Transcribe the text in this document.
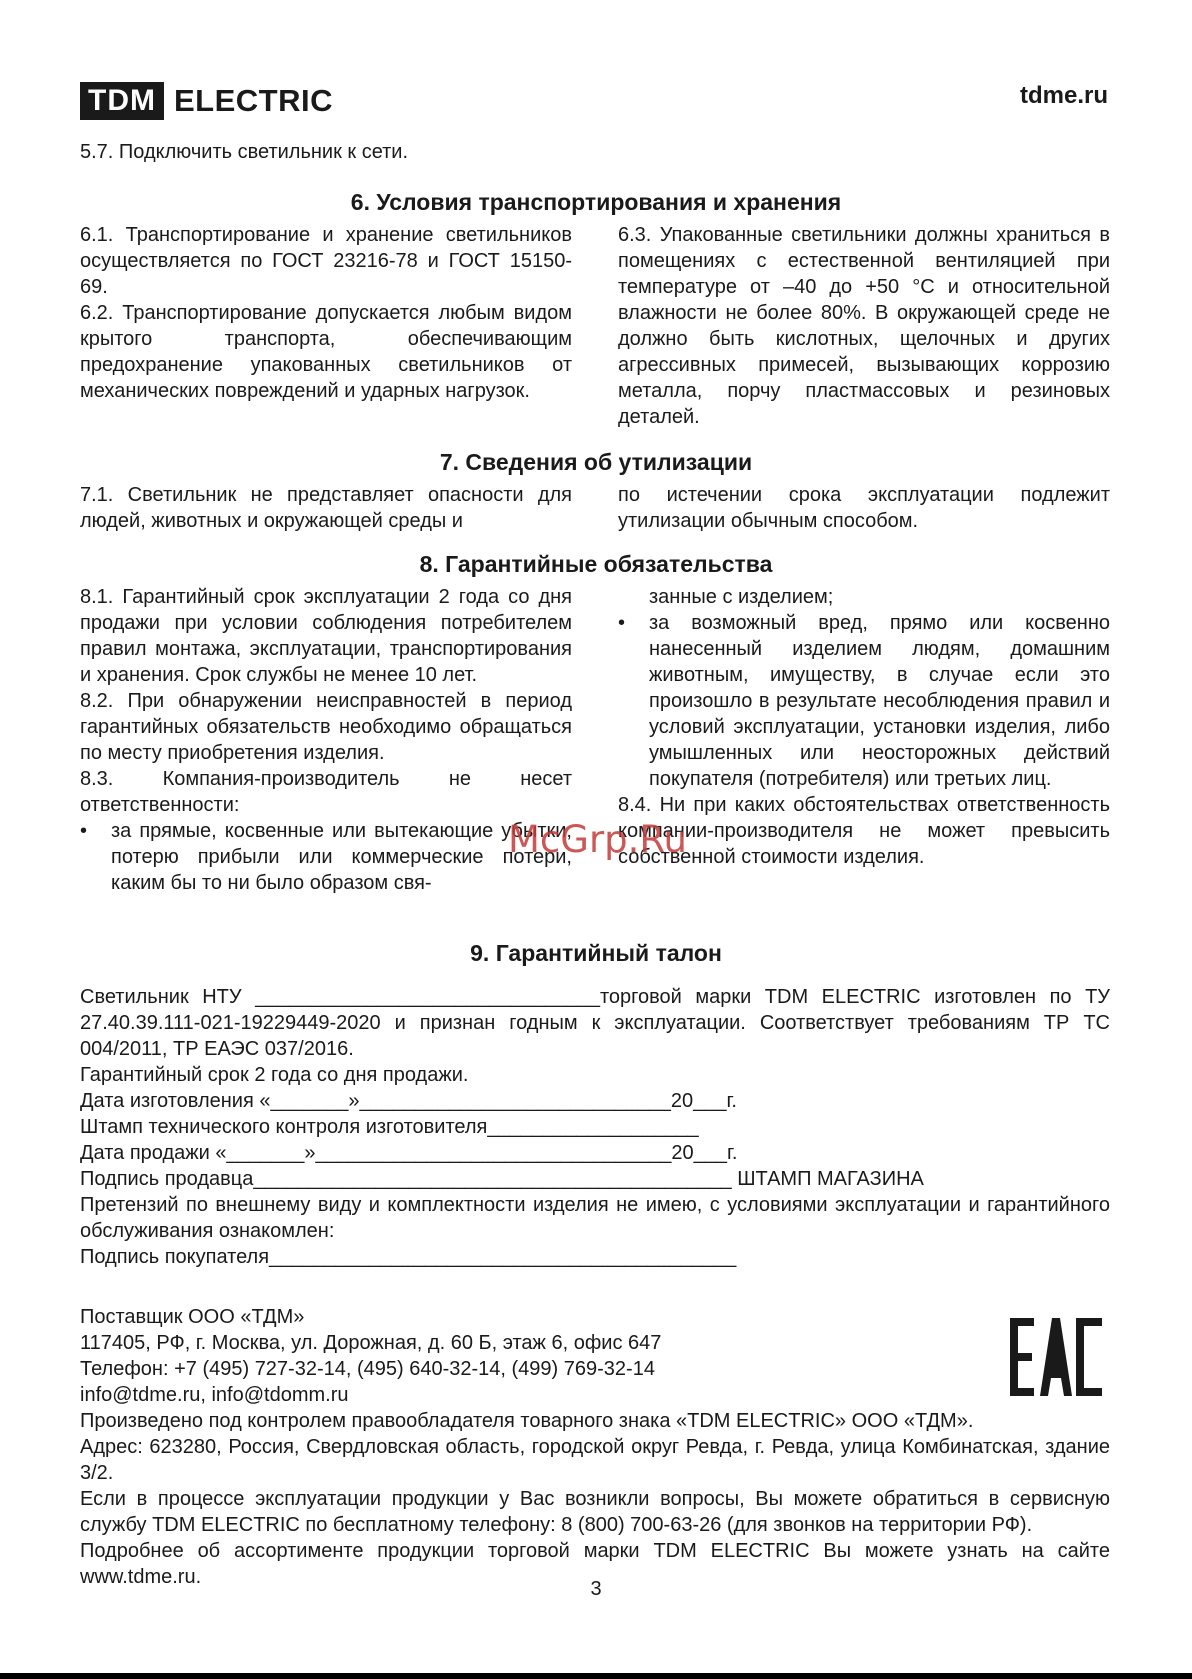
TDM ELECTRIC	tdme.ru
5.7. Подключить светильник к сети.
6. Условия транспортирования и хранения

6.1. Транспортирование и хранение светильников осуществляется по ГОСТ 23216-78 и ГОСТ 15150-69.

6.2. Транспортирование допускается любым видом крытого транспорта, обеспечивающим предохранение упакованных светильников от механических повреждений и ударных нагрузок.

6.3. Упакованные светильники должны храниться в помещениях с естественной вентиляцией при температуре от –40 до +50 °С и относительной влажности не более 80%. В окружающей среде не должно быть кислотных, щелочных и других агрессивных примесей, вызывающих коррозию металла, порчу пластмассовых и резиновых деталей.

7. Сведения об утилизации

7.1. Светильник не представляет опасности для людей, животных и окружающей среды и

по истечении срока эксплуатации подлежит утилизации обычным способом.

8. Гарантийные обязательства

8.1. Гарантийный срок эксплуатации 2 года со дня продажи при условии соблюдения потребителем правил монтажа, эксплуатации, транспортирования и хранения. Срок службы не менее 10 лет.

8.2. При обнаружении неисправностей в период гарантийных обязательств необходимо обращаться по месту приобретения изделия.

8.3. Компания-производитель не несет ответственности:

• за прямые, косвенные или вытекающие убытки, потерю прибыли или коммерческие потери, каким бы то ни было образом свя-

занные с изделием;

• за возможный вред, прямо или косвенно нанесенный изделием людям, домашним животным, имуществу, в случае если это произошло в результате несоблюдения правил и условий эксплуатации, установки изделия, либо умышленных или неосторожных действий покупателя (потребителя) или третьих лиц.

8.4. Ни при каких обстоятельствах ответственность компании-производителя не может превысить собственной стоимости изделия.

9. Гарантийный талон

Светильник НТУ _______________________________торговой марки TDM ELECTRIC изготовлен по ТУ 27.40.39.111-021-19229449-2020 и признан годным к эксплуатации. Соответствует требованиям ТР ТС 004/2011, ТР ЕАЭС 037/2016.

Гарантийный срок 2 года со дня продажи.

Дата изготовления «_______»____________________________20___г.

Штамп технического контроля изготовителя___________________

Дата продажи «_______»________________________________20___г.

Подпись продавца___________________________________________ ШТАМП МАГАЗИНА

Претензий по внешнему виду и комплектности изделия не имею, с условиями эксплуатации и гарантийного обслуживания ознакомлен:

Подпись покупателя__________________________________________

Поставщик ООО «ТДМ»

117405, РФ, г. Москва, ул. Дорожная, д. 60 Б, этаж 6, офис 647

Телефон: +7 (495) 727-32-14, (495) 640-32-14, (499) 769-32-14

info@tdme.ru, info@tdomm.ru

Произведено под контролем правообладателя товарного знака «TDM ELECTRIC» ООО «ТДМ».

Адрес: 623280, Россия, Свердловская область, городской округ Ревда, г. Ревда, улица Комбинатская, здание 3/2.

Если в процессе эксплуатации продукции у Вас возникли вопросы, Вы можете обратиться в сервисную службу TDM ELECTRIC по бесплатному телефону: 8 (800) 700-63-26 (для звонков на территории РФ).

Подробнее об ассортименте продукции торговой марки TDM ELECTRIC Вы можете узнать на сайте www.tdme.ru.

McGrp.Ru
3
